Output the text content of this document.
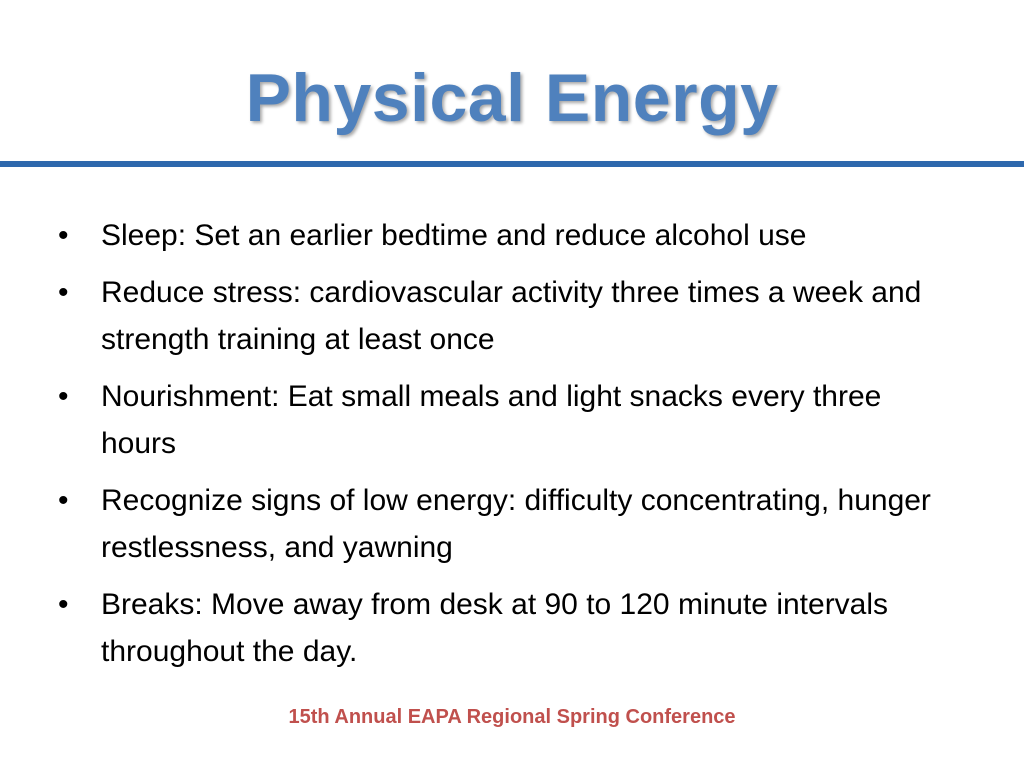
Physical Energy
•	Sleep: Set an earlier bedtime and reduce alcohol use
•	Reduce stress: cardiovascular activity three times a week and strength training at least once
•	Nourishment: Eat small meals and light snacks every three hours
•	Recognize signs of low energy: difficulty concentrating, hunger restlessness, and yawning
•	Breaks: Move away from desk at 90 to 120 minute intervals throughout the day.
15th Annual EAPA Regional Spring Conference
